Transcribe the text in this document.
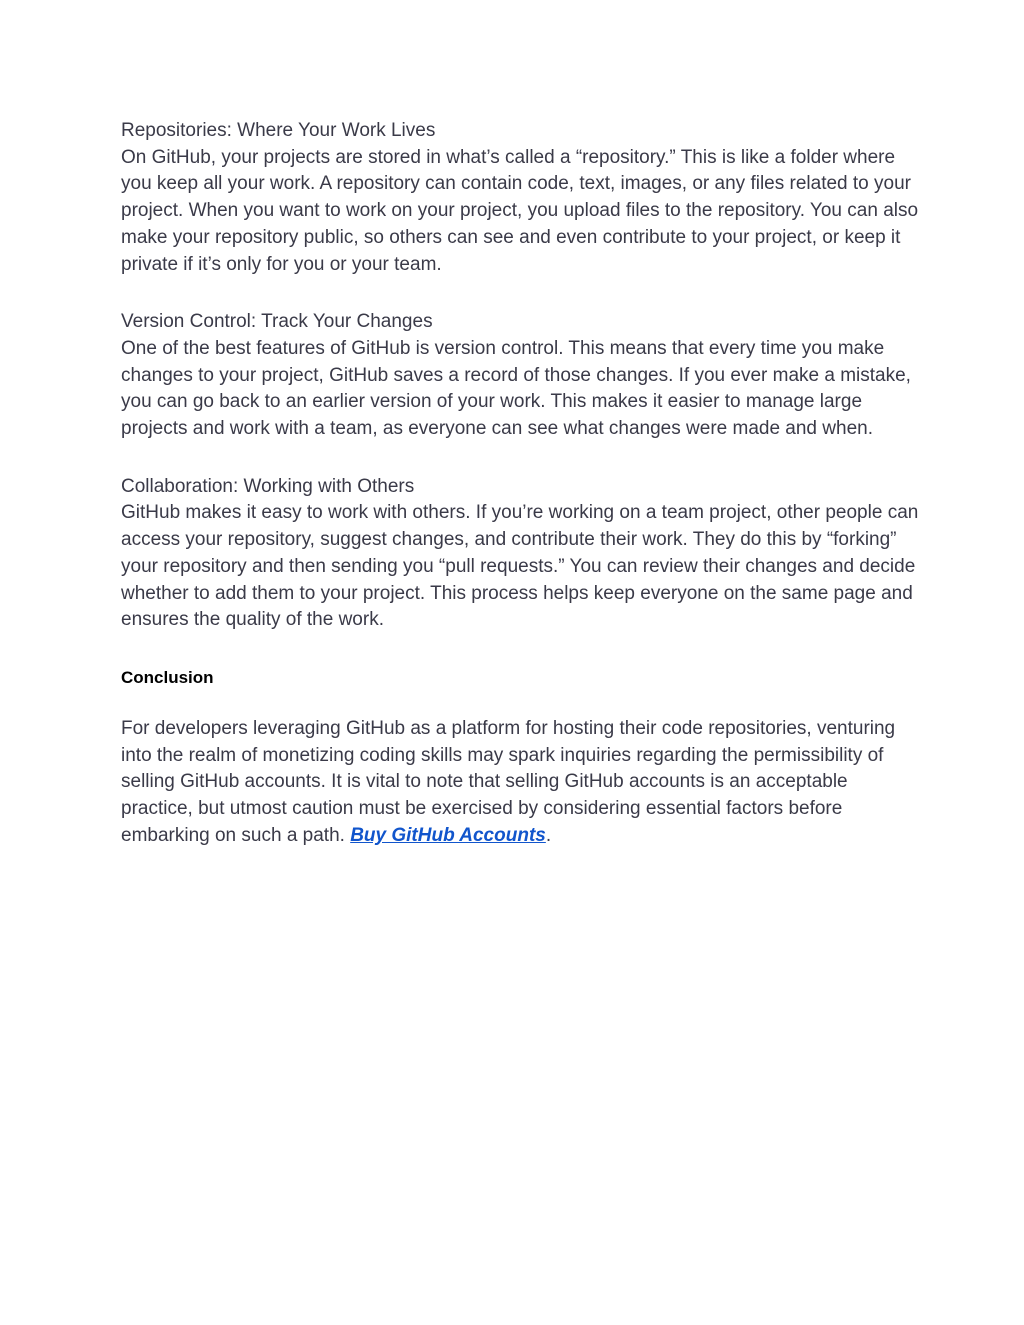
Repositories: Where Your Work Lives

On GitHub, your projects are stored in what’s called a “repository.” This is like a folder where you keep all your work. A repository can contain code, text, images, or any files related to your project. When you want to work on your project, you upload files to the repository. You can also make your repository public, so others can see and even contribute to your project, or keep it private if it’s only for you or your team.

Version Control: Track Your Changes

One of the best features of GitHub is version control. This means that every time you make changes to your project, GitHub saves a record of those changes. If you ever make a mistake, you can go back to an earlier version of your work. This makes it easier to manage large projects and work with a team, as everyone can see what changes were made and when.

Collaboration: Working with Others

GitHub makes it easy to work with others. If you’re working on a team project, other people can access your repository, suggest changes, and contribute their work. They do this by “forking” your repository and then sending you “pull requests.” You can review their changes and decide whether to add them to your project. This process helps keep everyone on the same page and ensures the quality of the work.

Conclusion

For developers leveraging GitHub as a platform for hosting their code repositories, venturing into the realm of monetizing coding skills may spark inquiries regarding the permissibility of selling GitHub accounts. It is vital to note that selling GitHub accounts is an acceptable practice, but utmost caution must be exercised by considering essential factors before embarking on such a path. Buy GitHub Accounts.
